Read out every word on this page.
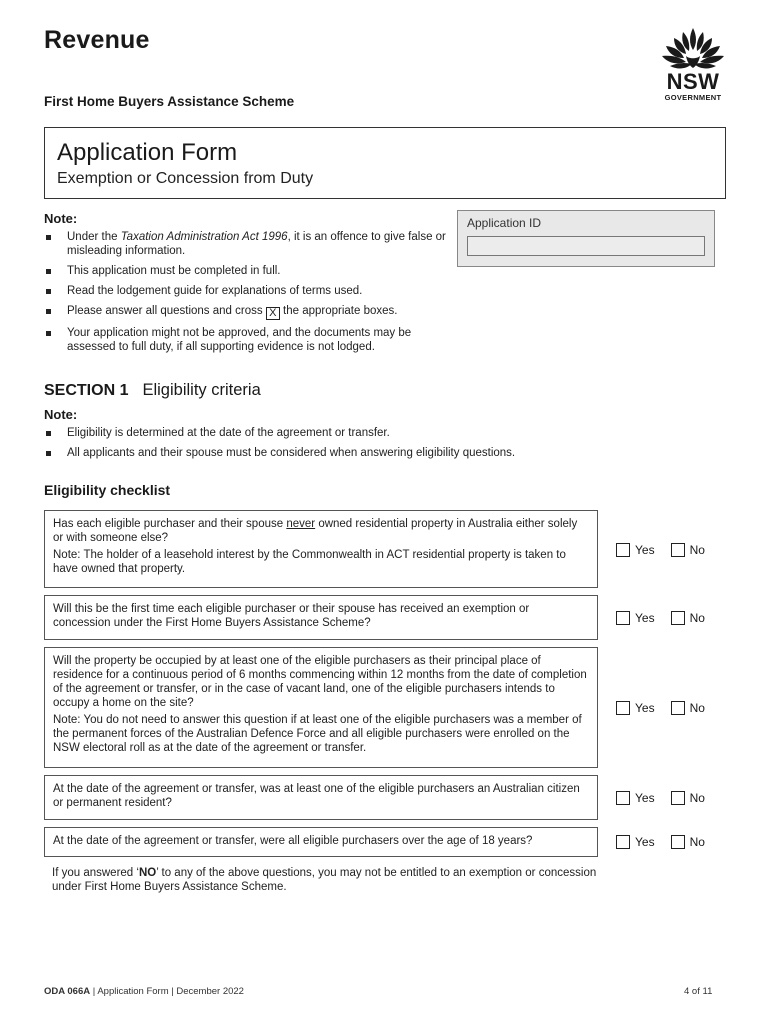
Revenue
First Home Buyers Assistance Scheme
NSW
GOVERNMENT
Application Form
Exemption or Concession from Duty
Note:
Under the Taxation Administration Act 1996, it is an offence to give false or misleading information.
This application must be completed in full.
Read the lodgement guide for explanations of terms used.
Please answer all questions and cross X the appropriate boxes.
Your application might not be approved, and the documents may be assessed to full duty, if all supporting evidence is not lodged.
Application ID
SECTION 1 Eligibility criteria
Note:
Eligibility is determined at the date of the agreement or transfer.
All applicants and their spouse must be considered when answering eligibility questions.
Eligibility checklist
Has each eligible purchaser and their spouse never owned residential property in Australia either solely or with someone else?
Note: The holder of a leasehold interest by the Commonwealth in ACT residential property is taken to have owned that property.
Yes	No
Will this be the first time each eligible purchaser or their spouse has received an exemption or concession under the First Home Buyers Assistance Scheme?	Yes	No
Will the property be occupied by at least one of the eligible purchasers as their principal place of residence for a continuous period of 6 months commencing within 12 months from the date of completion of the agreement or transfer, or in the case of vacant land, one of the eligible purchasers intends to occupy a home on the site?
Note: You do not need to answer this question if at least one of the eligible purchasers was a member of the permanent forces of the Australian Defence Force and all eligible purchasers were enrolled on the NSW electoral roll as at the date of the agreement or transfer.
Yes	No
At the date of the agreement or transfer, was at least one of the eligible purchasers an Australian citizen or permanent resident?	Yes	No
At the date of the agreement or transfer, were all eligible purchasers over the age of 18 years?	Yes	No
If you answered ‘NO’ to any of the above questions, you may not be entitled to an exemption or concession under First Home Buyers Assistance Scheme.
ODA 066A | Application Form | December 2022	4 of 11
